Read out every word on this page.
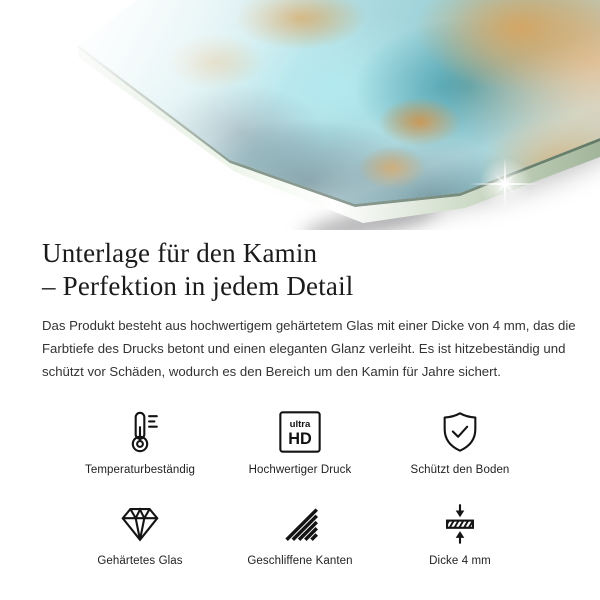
Unterlage für den Kamin
– Perfektion in jedem Detail
Das Produkt besteht aus hochwertigem gehärtetem Glas mit einer Dicke von 4 mm, das die
Farbtiefe des Drucks betont und einen eleganten Glanz verleiht. Es ist hitzebeständig und
schützt vor Schäden, wodurch es den Bereich um den Kamin für Jahre sichert.
Temperaturbeständig
ultra
HD
Hochwertiger Druck	Schützt den Boden
Gehärtetes Glas	Geschliffene Kanten	Dicke 4 mm
